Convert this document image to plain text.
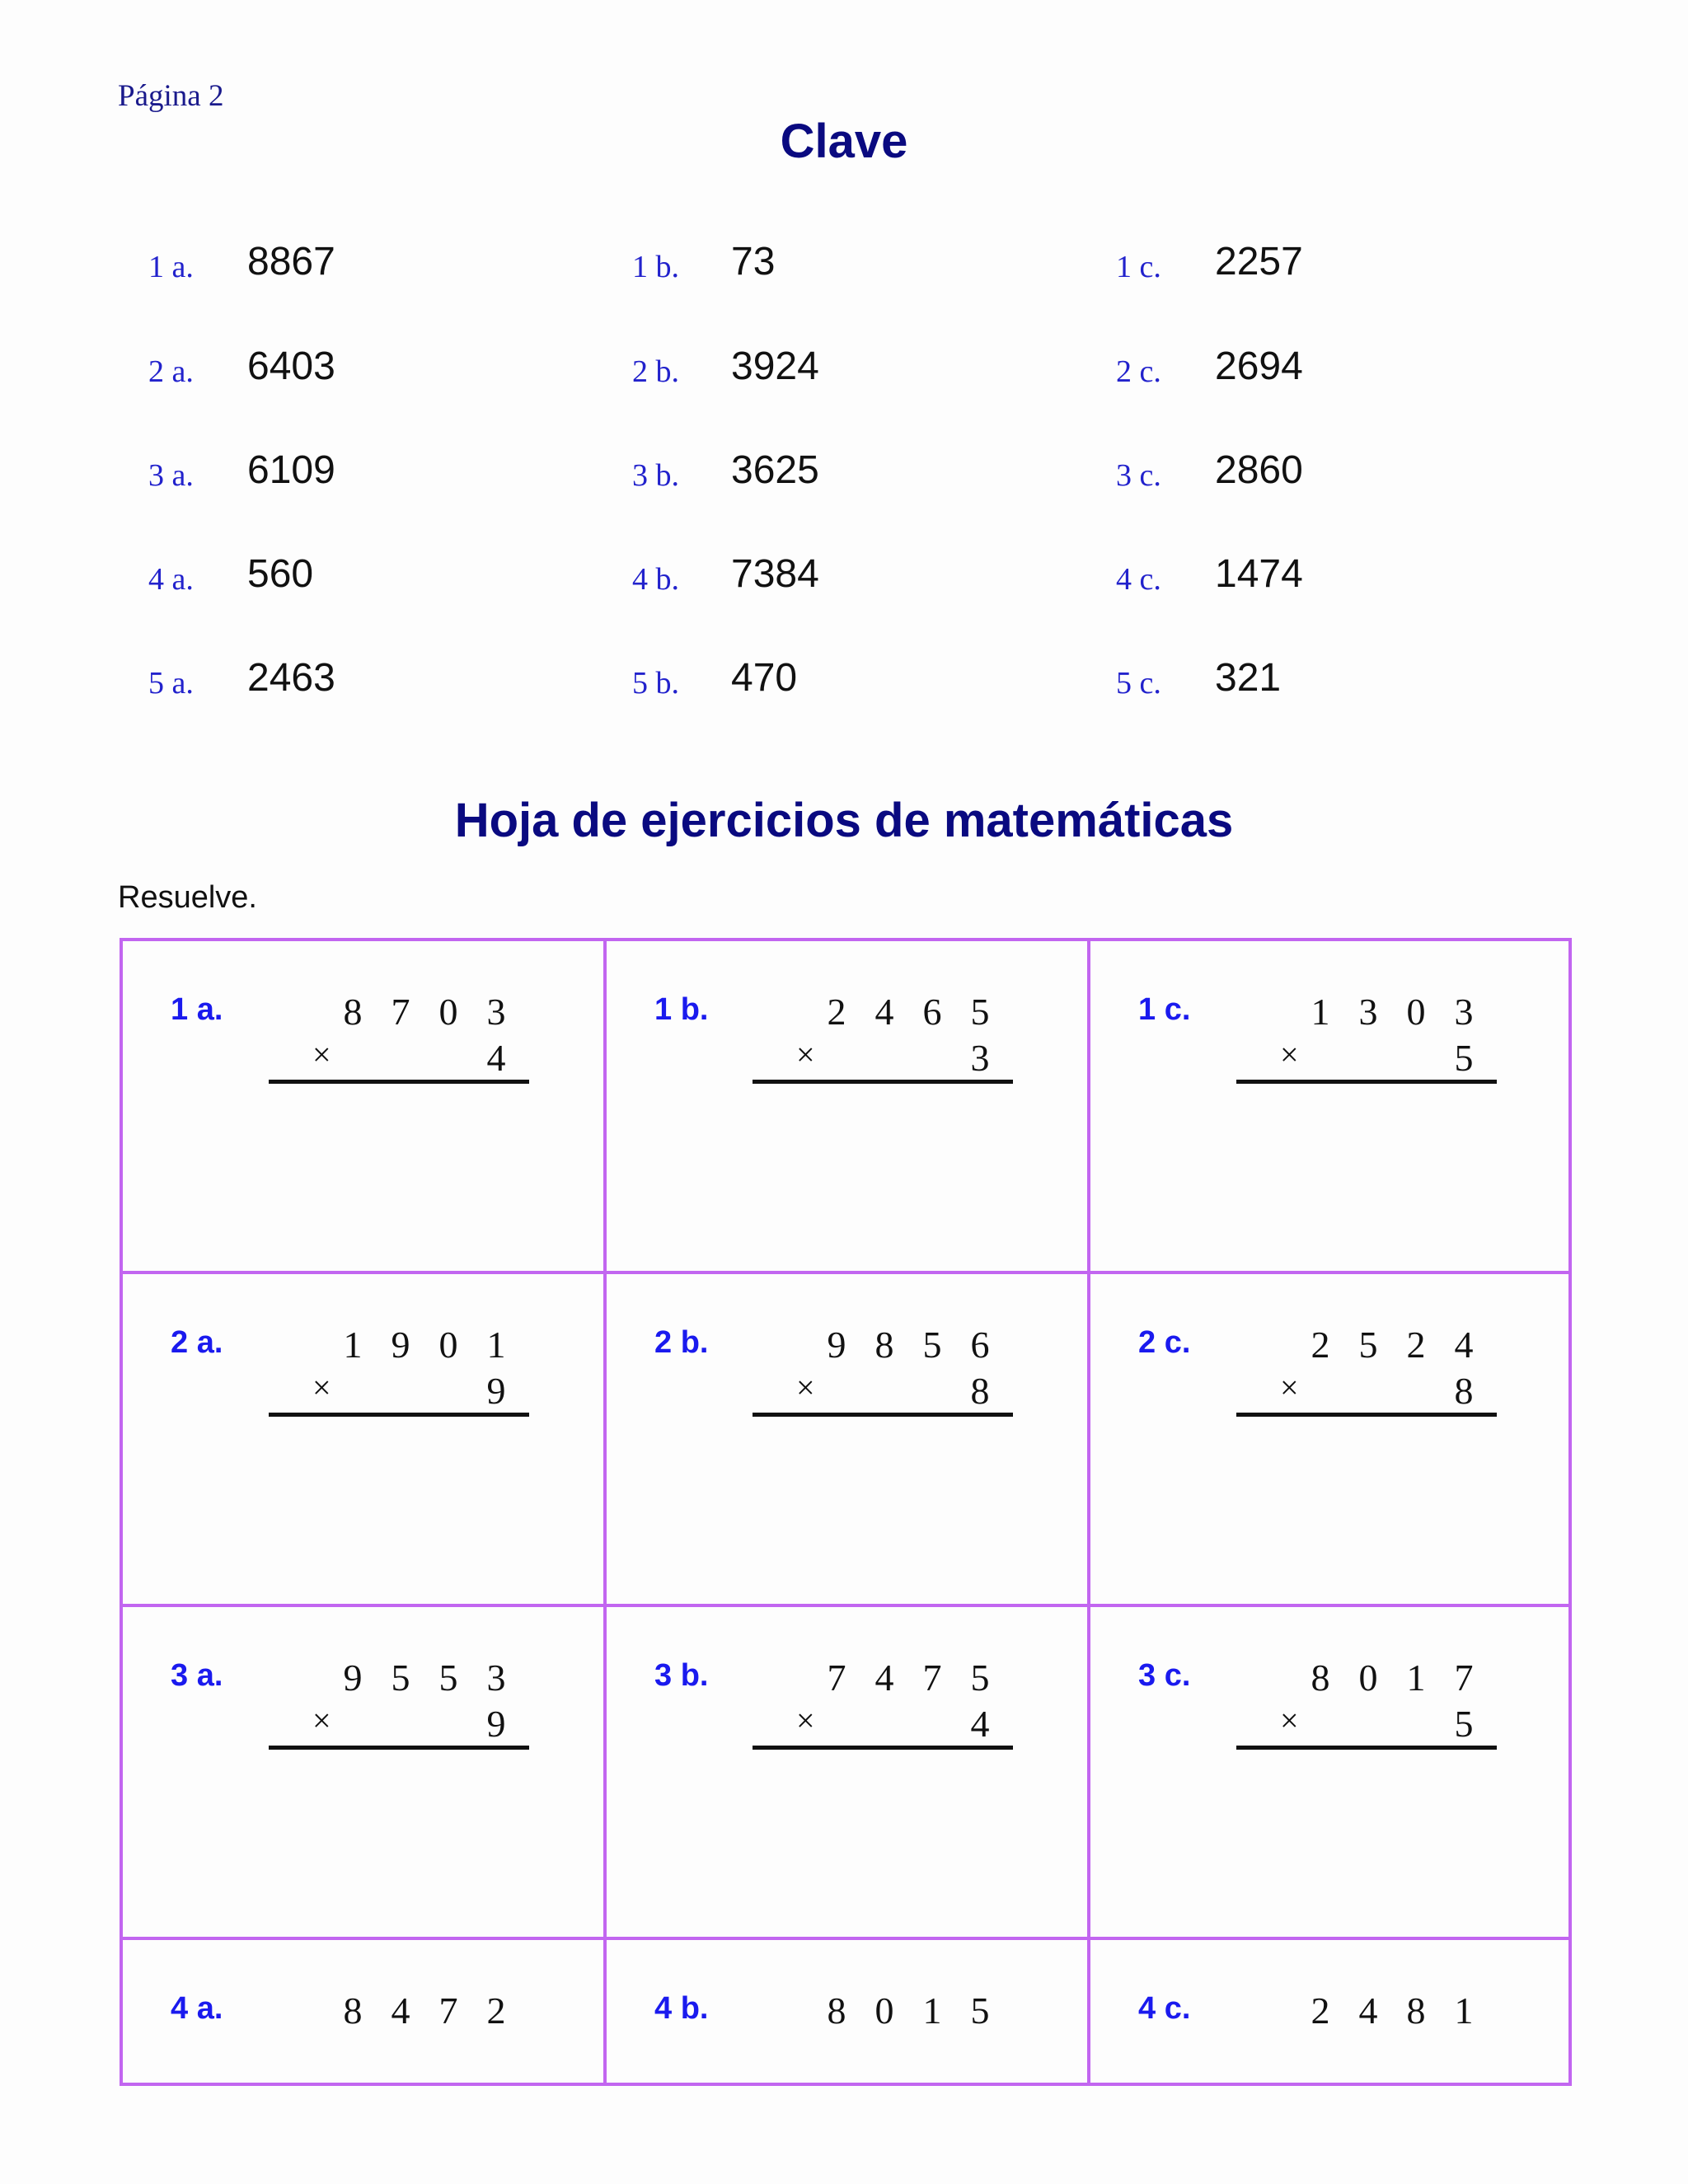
Página 2
Clave
1 a. 8867	1 b. 73	1 c. 2257
2 a. 6403	2 b. 3924	2 c. 2694
3 a. 6109	3 b. 3625	3 c. 2860
4 a. 560	4 b. 7384	4 c. 1474
5 a. 2463	5 b. 470	5 c. 321
Hoja de ejercicios de matemáticas
Resuelve.
1 a.	8 7 0 3
×	4
1 b.	2 4 6 5
×	3
1 c.	1 3 0 3
×	5
2 a.	1 9 0 1
×	9
2 b.	9 8 5 6
×	8
2 c.	2 5 2 4
×	8
3 a.	9 5 5 3
×	9
3 b.	7 4 7 5
×	4
3 c.	8 0 1 7
×	5
4 a.	8 4 7 2	4 b.	8 0 1 5	4 c.	2 4 8 1
